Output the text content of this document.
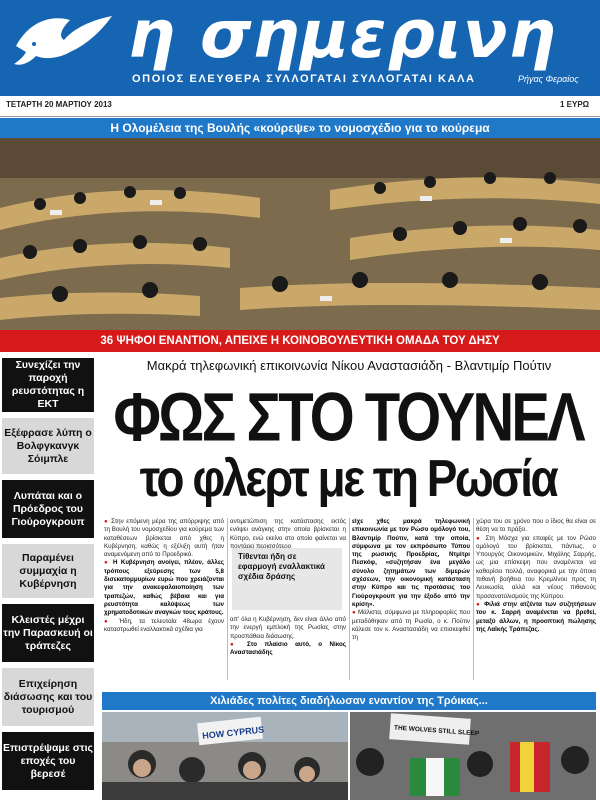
η σημερινη
ΟΠΟΙΟΣ ΕΛΕΥΘΕΡΑ ΣΥΛΛΟΓΑΤΑΙ ΣΥΛΛΟΓΑΤΑΙ ΚΑΛΑ	Ρήγας Φεραίος
ΤΕΤΑΡΤΗ 20 ΜΑΡΤΙΟΥ 2013	1 ΕΥΡΩ
Η Ολομέλεια της Βουλής «κούρεψε» το νομοσχέδιο για το κούρεμα
36 ΨΗΦΟΙ ΕΝΑΝΤΙΟΝ, ΑΠΕΙΧΕ Η ΚΟΙΝΟΒΟΥΛΕΥΤΙΚΗ ΟΜΑΔΑ ΤΟΥ ΔΗΣΥ
Συνεχίζει την παροχή ρευστότητας η ΕΚΤ
Εξέφρασε λύπη ο Βολφγκανγκ Σόιμπλε
Λυπάται και ο Πρόεδρος του Γιούρογκρουπ
Παραμένει συμμαχία η Κυβέρνηση
Κλειστές μέχρι την Παρασκευή οι τράπεζες
Επιχείρηση διάσωσης και του τουρισμού
Επιστρέψαμε στις εποχές του βερεσέ
Μακρά τηλεφωνική επικοινωνία Νίκου Αναστασιάδη - Βλαντιμίρ Πούτιν
ΦΩΣ ΣΤΟ ΤΟΥΝΕΛ
το φλερτ με τη Ρωσία
● Στην επόμενη μέρα της απόρριψης από τη Βουλή του νομοσχεδίου για κούρεμα των καταθέσεων βρίσκεται από χθες η Κυβέρνηση, καθώς η εξέλιξη αυτή ήταν αναμενόμενη από το Προεδρικό.
● Η Κυβέρνηση ανοίγει, πλέον, άλλες τρόπους εξεύρεσης των 5,8 δισεκατομμυρίων ευρώ που χρειάζονται για την ανακεφαλαιοποίηση των τραπεζών, καθώς βέβαια και για ρευστότητα καλύψεως των χρηματοδοτικών αναγκών τους κράτους.
● Ήδη, τα τελευταία 48ωρα έχουν καταστρωθεί εναλλακτικά σχέδια για
αντιμετώπιση της κατάστασης εκτός ενόψει ανάγκης στην οποία βρίσκεται η Κύπρο, ενώ εκείνο στο οποίο φαίνεται να ποντάρει περισσότερο
Τίθενται ήδη σε εφαρμογή εναλλακτικά σχέδια δράσης
απ' όλα η Κυβέρνηση, δεν είναι άλλο από την ενεργή εμπλοκή της Ρωσίας στην προσπάθεια διάσωσης.
● Στο πλαίσιο αυτό, ο Νίκος Αναστασιάδης
είχε χθες μακρά τηλεφωνική επικοινωνία με τον Ρώσο ομόλογό του, Βλαντιμίρ Πούτιν, κατά την οποία, σύμφωνα με τον εκπρόσωπο Τύπου της ρωσικής Προεδρίας, Ντμίτρι Πεσκόφ, «συζητήσαν ένα μεγάλο σύνολο ζητημάτων των διμερών σχέσεων, την οικονομική κατάσταση στην Κύπρο και τις προτάσεις του Γιούρογκρουπ για την έξοδο από την κρίση».
● Μάλιστα, σύμφωνα με πληροφορίες που μεταδόθηκαν από τη Ρωσία, ο κ. Πούτιν κάλεσε τον κ. Αναστασιάδη να επισκεφθεί τη
χώρα του σε χρόνο που ο ίδιος θα είναι σε θέση να το πράξει.
● Στη Μόσχα για επαφές με τον Ρώσο ομόλογό του βρίσκεται, πάντως, ο Υπουργός Οικονομικών, Μιχάλης Σαρρής, ως μια επίσκεψη που αναμένεται να καθορίσει πολλά, αναφορικά με την όποια πιθανή βοήθεια του Κρεμλίνου προς τη Λευκωσία, αλλά και νέους πιθανούς προσανατολισμούς της Κύπρου.
● Φιλιά στην ατζέντα των συζητήσεων του κ. Σαρρή αναμένεται να βρεθεί, μεταξύ άλλων, η προοπτική πώλησης της Λαϊκής Τράπεζας.
Χιλιάδες πολίτες διαδήλωσαν εναντίον της Τρόικας...
HOW CYPRUS	THE WOLVES STILL SLEEP
